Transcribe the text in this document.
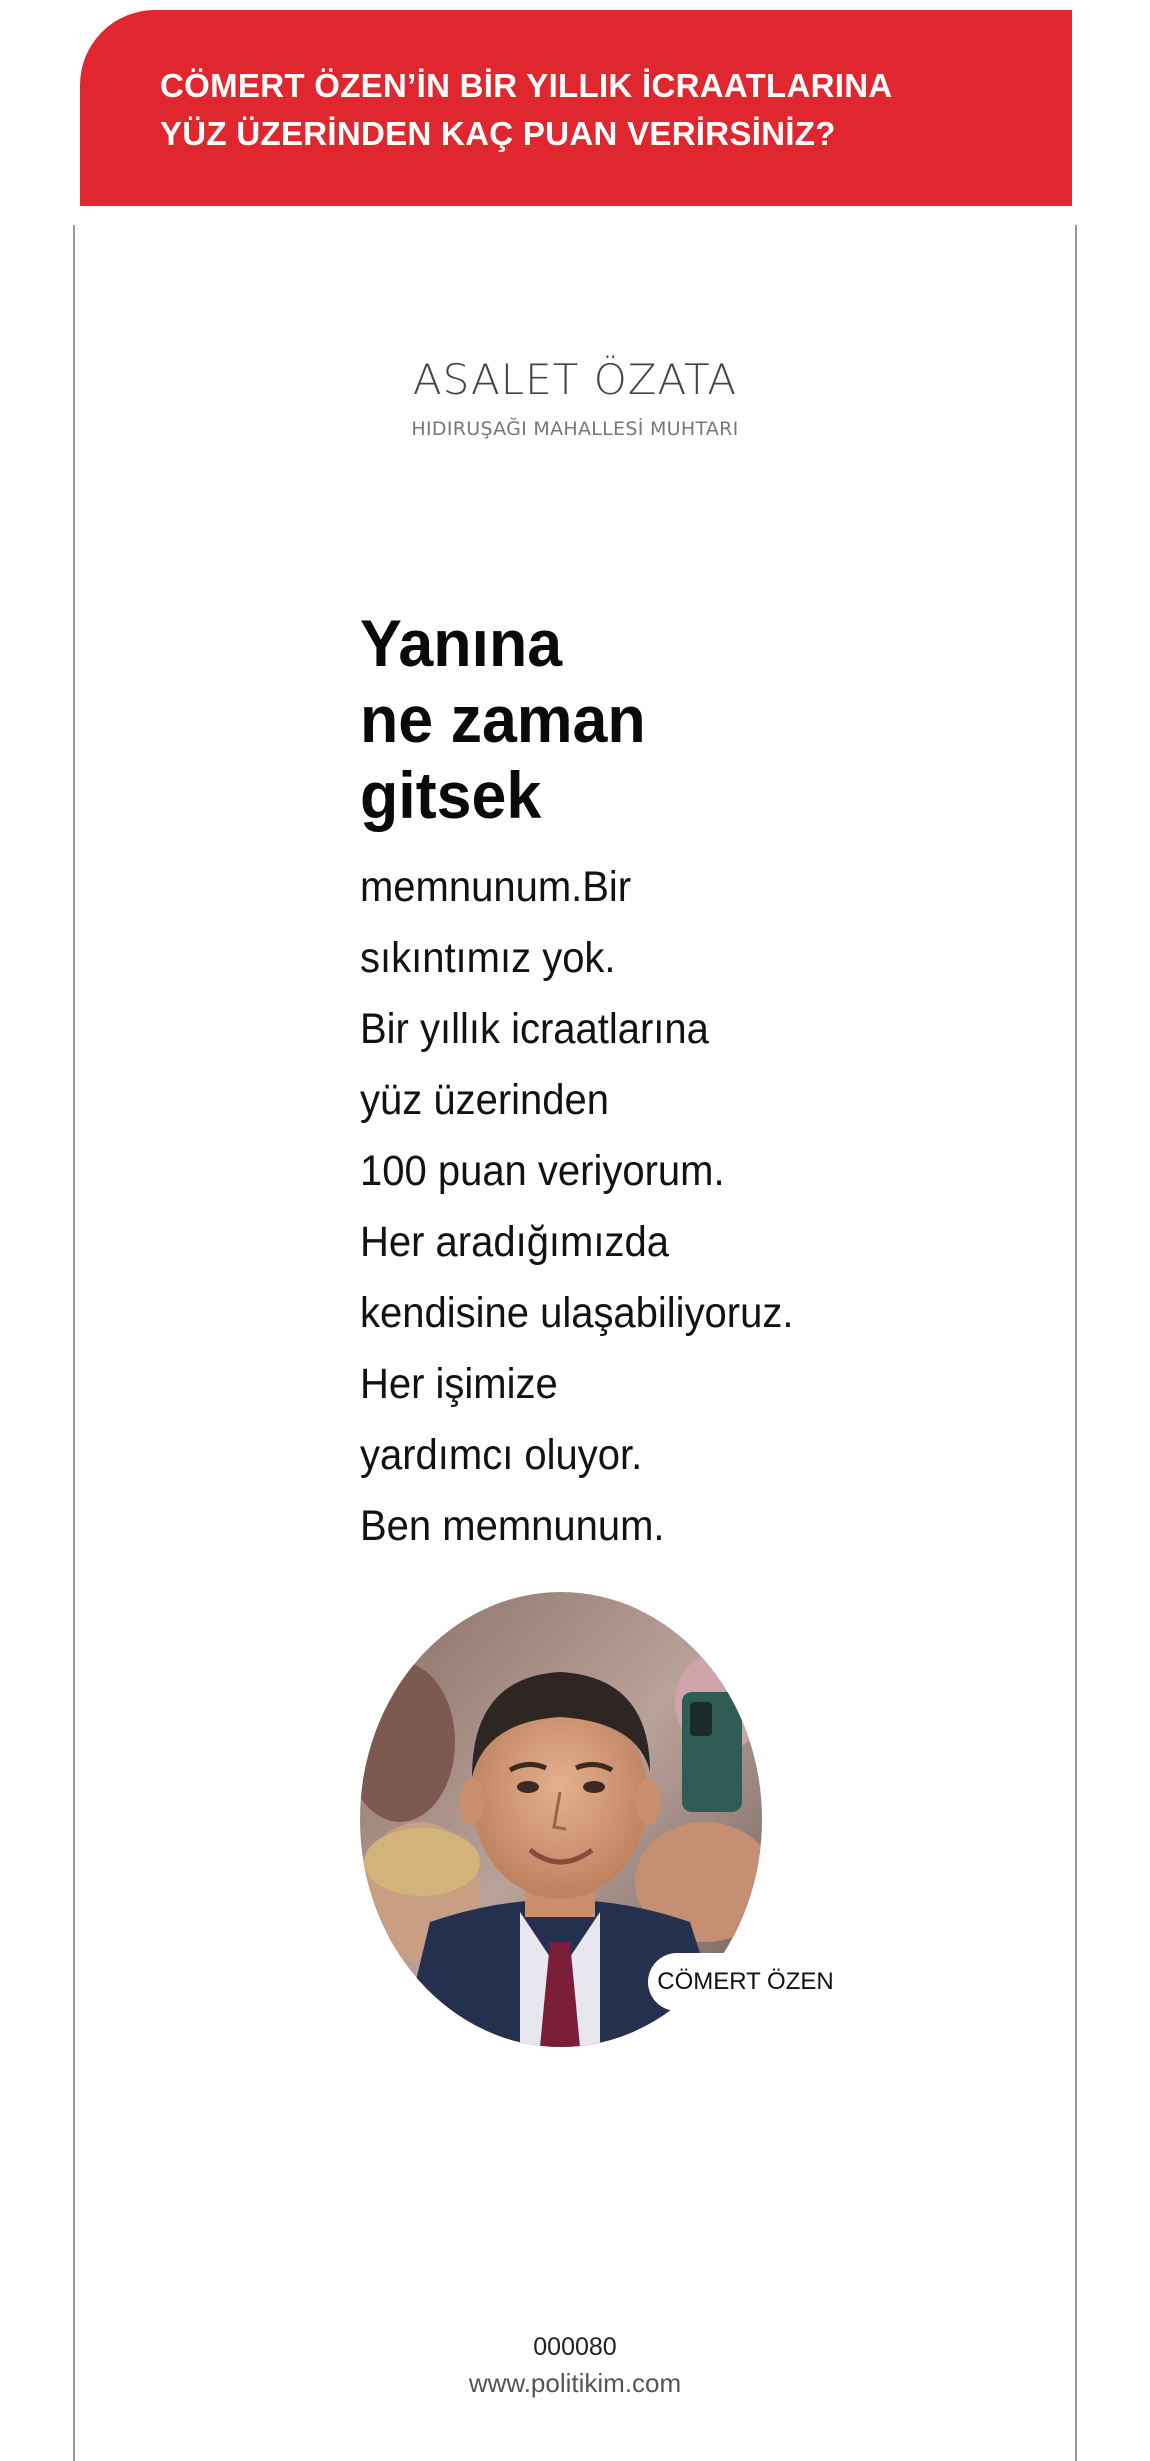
CÖMERT ÖZEN’İN BİR YILLIK İCRAATLARINA
YÜZ ÜZERİNDEN KAÇ PUAN VERİRSİNİZ?
ASALET ÖZATA
HIDIRUŞAĞI MAHALLESİ MUHTARI
Yanına
ne zaman
gitsek
memnunum.Bir
sıkıntımız yok.
Bir yıllık icraatlarına
yüz üzerinden
100 puan veriyorum.
Her aradığımızda
kendisine ulaşabiliyoruz.
Her işimize
yardımcı oluyor.
Ben memnunum.
CÖMERT ÖZEN
000080
www.politikim.com
